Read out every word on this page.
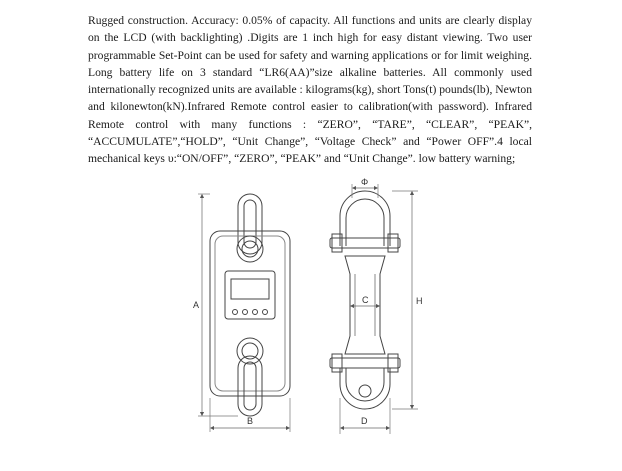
Rugged construction. Accuracy: 0.05% of capacity. All functions and units are clearly display on the LCD (with backlighting) .Digits are 1 inch high for easy distant viewing. Two user programmable Set-Point can be used for safety and warning applications or for limit weighing. Long battery life on 3 standard “LR6(AA)”size alkaline batteries. All commonly used internationally recognized units are available : kilograms(kg), short Tons(t) pounds(lb), Newton and kilonewton(kN).Infrared Remote control easier to calibration(with password). Infrared Remote control with many functions : “ZERO”, “TARE”, “CLEAR”, “PEAK”, “ACCUMULATE”,“HOLD”, “Unit Change”, “Voltage Check” and “Power OFF”.4 local mechanical keys υ:“ON/OFF”, “ZERO”, “PEAK” and “Unit Change”. low battery warning;

A
B
Φ
C	H
D
